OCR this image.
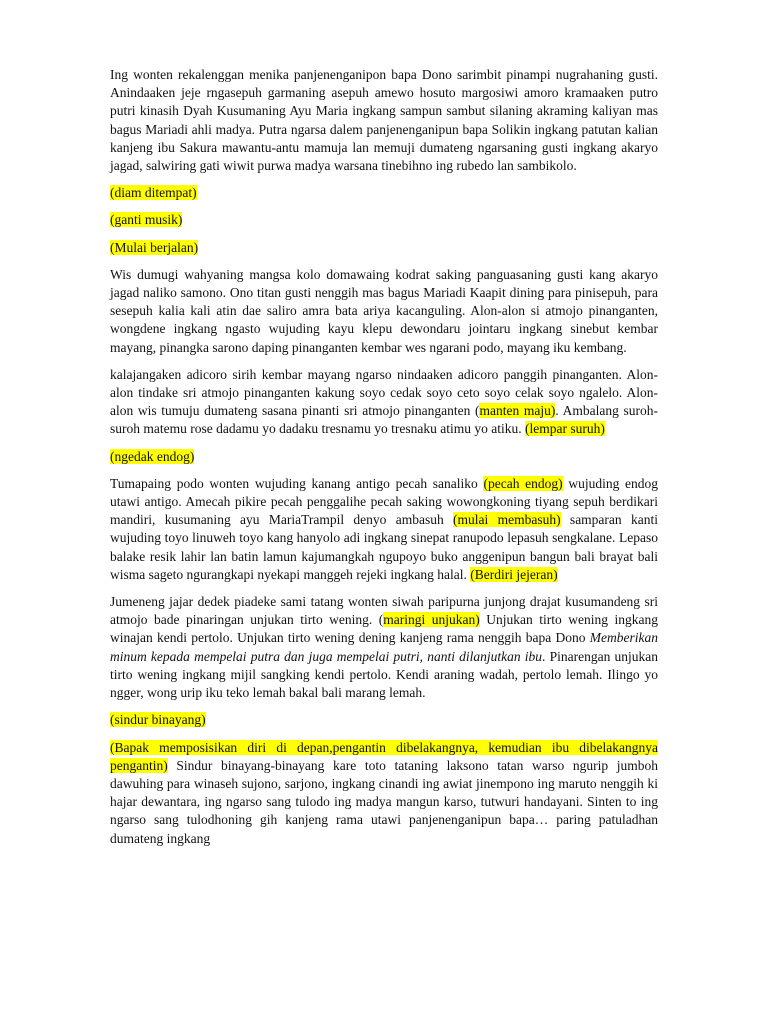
Ing wonten rekalenggan menika panjenenganipon bapa Dono sarimbit pinampi nugrahaning gusti. Anindaaken jeje rngasepuh garmaning asepuh amewo hosuto margosiwi amoro kramaaken putro putri kinasih Dyah Kusumaning Ayu Maria ingkang sampun sambut silaning akraming kaliyan mas bagus Mariadi ahli madya. Putra ngarsa dalem panjenenganipun bapa Solikin ingkang patutan kalian kanjeng ibu Sakura mawantu-antu mamuja lan memuji dumateng ngarsaning gusti ingkang akaryo jagad, salwiring gati wiwit purwa madya warsana tinebihno ing rubedo lan sambikolo.

(diam ditempat)
(ganti musik)
(Mulai berjalan)

Wis dumugi wahyaning mangsa kolo domawaing kodrat saking panguasaning gusti kang akaryo jagad naliko samono. Ono titan gusti nenggih mas bagus Mariadi Kaapit dining para pinisepuh, para sesepuh kalia kali atin dae saliro amra bata ariya kacanguling. Alon-alon si atmojo pinanganten, wongdene ingkang ngasto wujuding kayu klepu dewondaru jointaru ingkang sinebut kembar mayang, pinangka sarono daping pinanganten kembar wes ngarani podo, mayang iku kembang.

kalajangaken adicoro sirih kembar mayang ngarso nindaaken adicoro panggih pinanganten. Alon-alon tindake sri atmojo pinanganten kakung soyo cedak soyo ceto soyo celak soyo ngalelo. Alon-alon wis tumuju dumateng sasana pinanti sri atmojo pinanganten (manten maju). Ambalang suroh-suroh matemu rose dadamu yo dadaku tresnamu yo tresnaku atimu yo atiku. (lempar suruh)

(ngedak endog)

Tumapaing podo wonten wujuding kanang antigo pecah sanaliko (pecah endog) wujuding endog utawi antigo. Amecah pikire pecah penggalihe pecah saking wowongkoning tiyang sepuh berdikari mandiri, kusumaning ayu MariaTrampil denyo ambasuh (mulai membasuh) samparan kanti wujuding toyo linuweh toyo kang hanyolo adi ingkang sinepat ranupodo lepasuh sengkalane. Lepaso balake resik lahir lan batin lamun kajumangkah ngupoyo buko anggenipun bangun bali brayat bali wisma sageto ngurangkapi nyekapi manggeh rejeki ingkang halal. (Berdiri jejeran)

Jumeneng jajar dedek piadeke sami tatang wonten siwah paripurna junjong drajat kusumandeng sri atmojo bade pinaringan unjukan tirto wening. (maringi unjukan) Unjukan tirto wening ingkang winajan kendi pertolo. Unjukan tirto wening dening kanjeng rama nenggih bapa Dono Memberikan minum kepada mempelai putra dan juga mempelai putri, nanti dilanjutkan ibu. Pinarengan unjukan tirto wening ingkang mijil sangking kendi pertolo. Kendi araning wadah, pertolo lemah. Ilingo yo ngger, wong urip iku teko lemah bakal bali marang lemah.

(sindur binayang)

(Bapak memposisikan diri di depan,pengantin dibelakangnya, kemudian ibu dibelakangnya pengantin) Sindur binayang-binayang kare toto tataning laksono tatan warso ngurip jumboh dawuhing para winaseh sujono, sarjono, ingkang cinandi ing awiat jinempono ing maruto nenggih ki hajar dewantara, ing ngarso sang tulodo ing madya mangun karso, tutwuri handayani. Sinten to ing ngarso sang tulodhoning gih kanjeng rama utawi panjenenganipun bapa… paring patuladhan dumateng ingkang
